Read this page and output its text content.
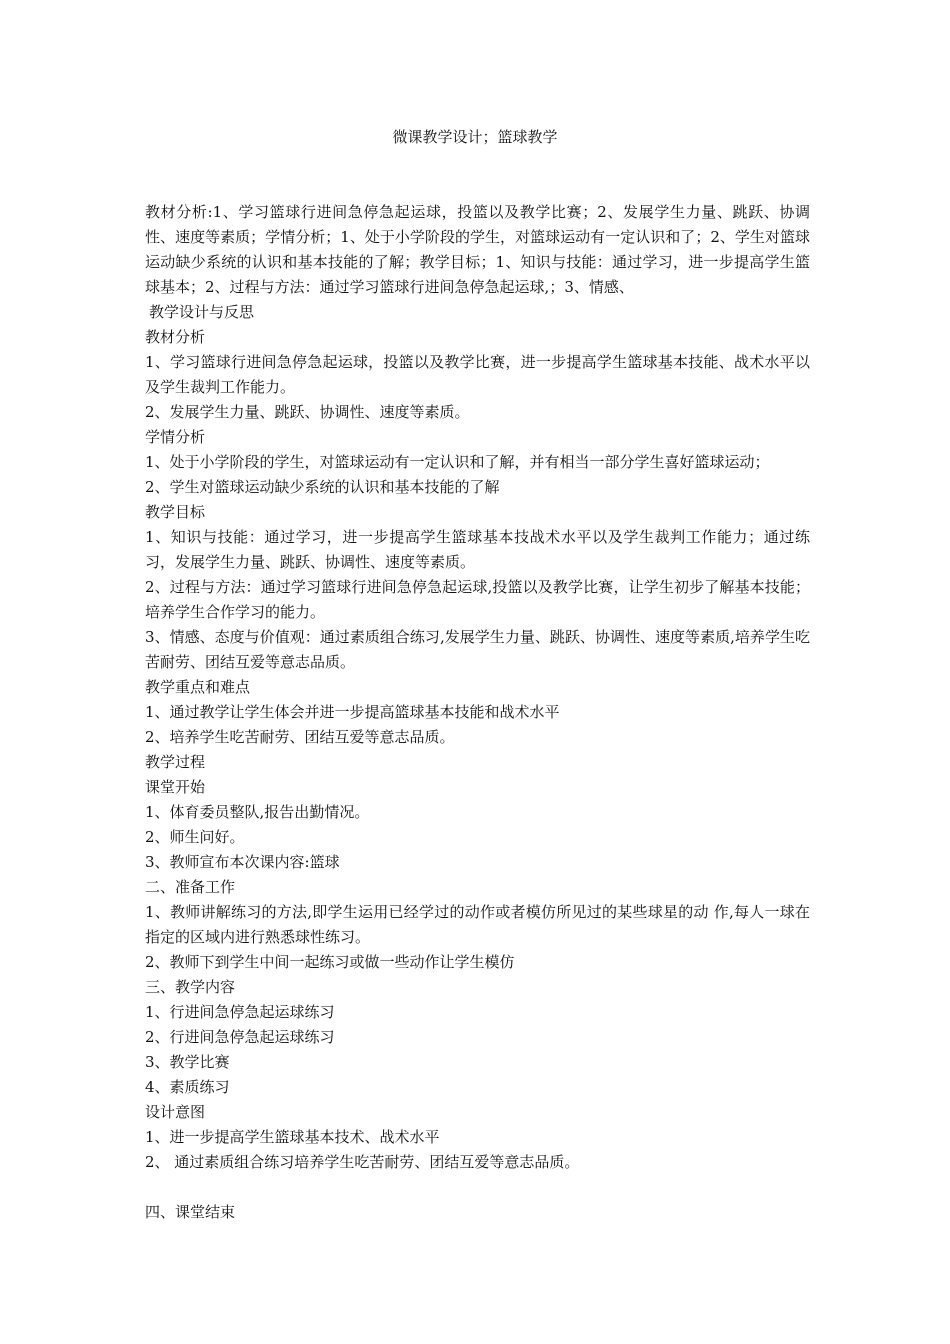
微课教学设计；篮球教学

教材分析:1、学习篮球行进间急停急起运球，投篮以及教学比赛；2、发展学生力量、跳跃、协调性、速度等素质；学情分析；1、处于小学阶段的学生，对篮球运动有一定认识和了；2、学生对篮球运动缺少系统的认识和基本技能的了解；教学目标；1、知识与技能：通过学习，进一步提高学生篮球基本；2、过程与方法：通过学习篮球行进间急停急起运球,；3、情感、

教学设计与反思

教材分析

1、学习篮球行进间急停急起运球，投篮以及教学比赛，进一步提高学生篮球基本技能、战术水平以及学生裁判工作能力。

2、发展学生力量、跳跃、协调性、速度等素质。

学情分析

1、处于小学阶段的学生，对篮球运动有一定认识和了解，并有相当一部分学生喜好篮球运动；

2、学生对篮球运动缺少系统的认识和基本技能的了解

教学目标

1、知识与技能：通过学习，进一步提高学生篮球基本技战术水平以及学生裁判工作能力；通过练习，发展学生力量、跳跃、协调性、速度等素质。

2、过程与方法：通过学习篮球行进间急停急起运球,投篮以及教学比赛，让学生初步了解基本技能；培养学生合作学习的能力。

3、情感、态度与价值观：通过素质组合练习,发展学生力量、跳跃、协调性、速度等素质,培养学生吃苦耐劳、团结互爱等意志品质。

教学重点和难点

1、通过教学让学生体会并进一步提高篮球基本技能和战术水平

2、培养学生吃苦耐劳、团结互爱等意志品质。

教学过程

课堂开始

1、体育委员整队,报告出勤情况。

2、师生问好。

3、教师宣布本次课内容:篮球

二、准备工作

1、教师讲解练习的方法,即学生运用已经学过的动作或者模仿所见过的某些球星的动 作,每人一球在指定的区域内进行熟悉球性练习。

2、教师下到学生中间一起练习或做一些动作让学生模仿

三、教学内容

1、行进间急停急起运球练习

2、行进间急停急起运球练习

3、教学比赛

4、素质练习

设计意图

1、进一步提高学生篮球基本技术、战术水平

2、 通过素质组合练习培养学生吃苦耐劳、团结互爱等意志品质。

四、课堂结束
